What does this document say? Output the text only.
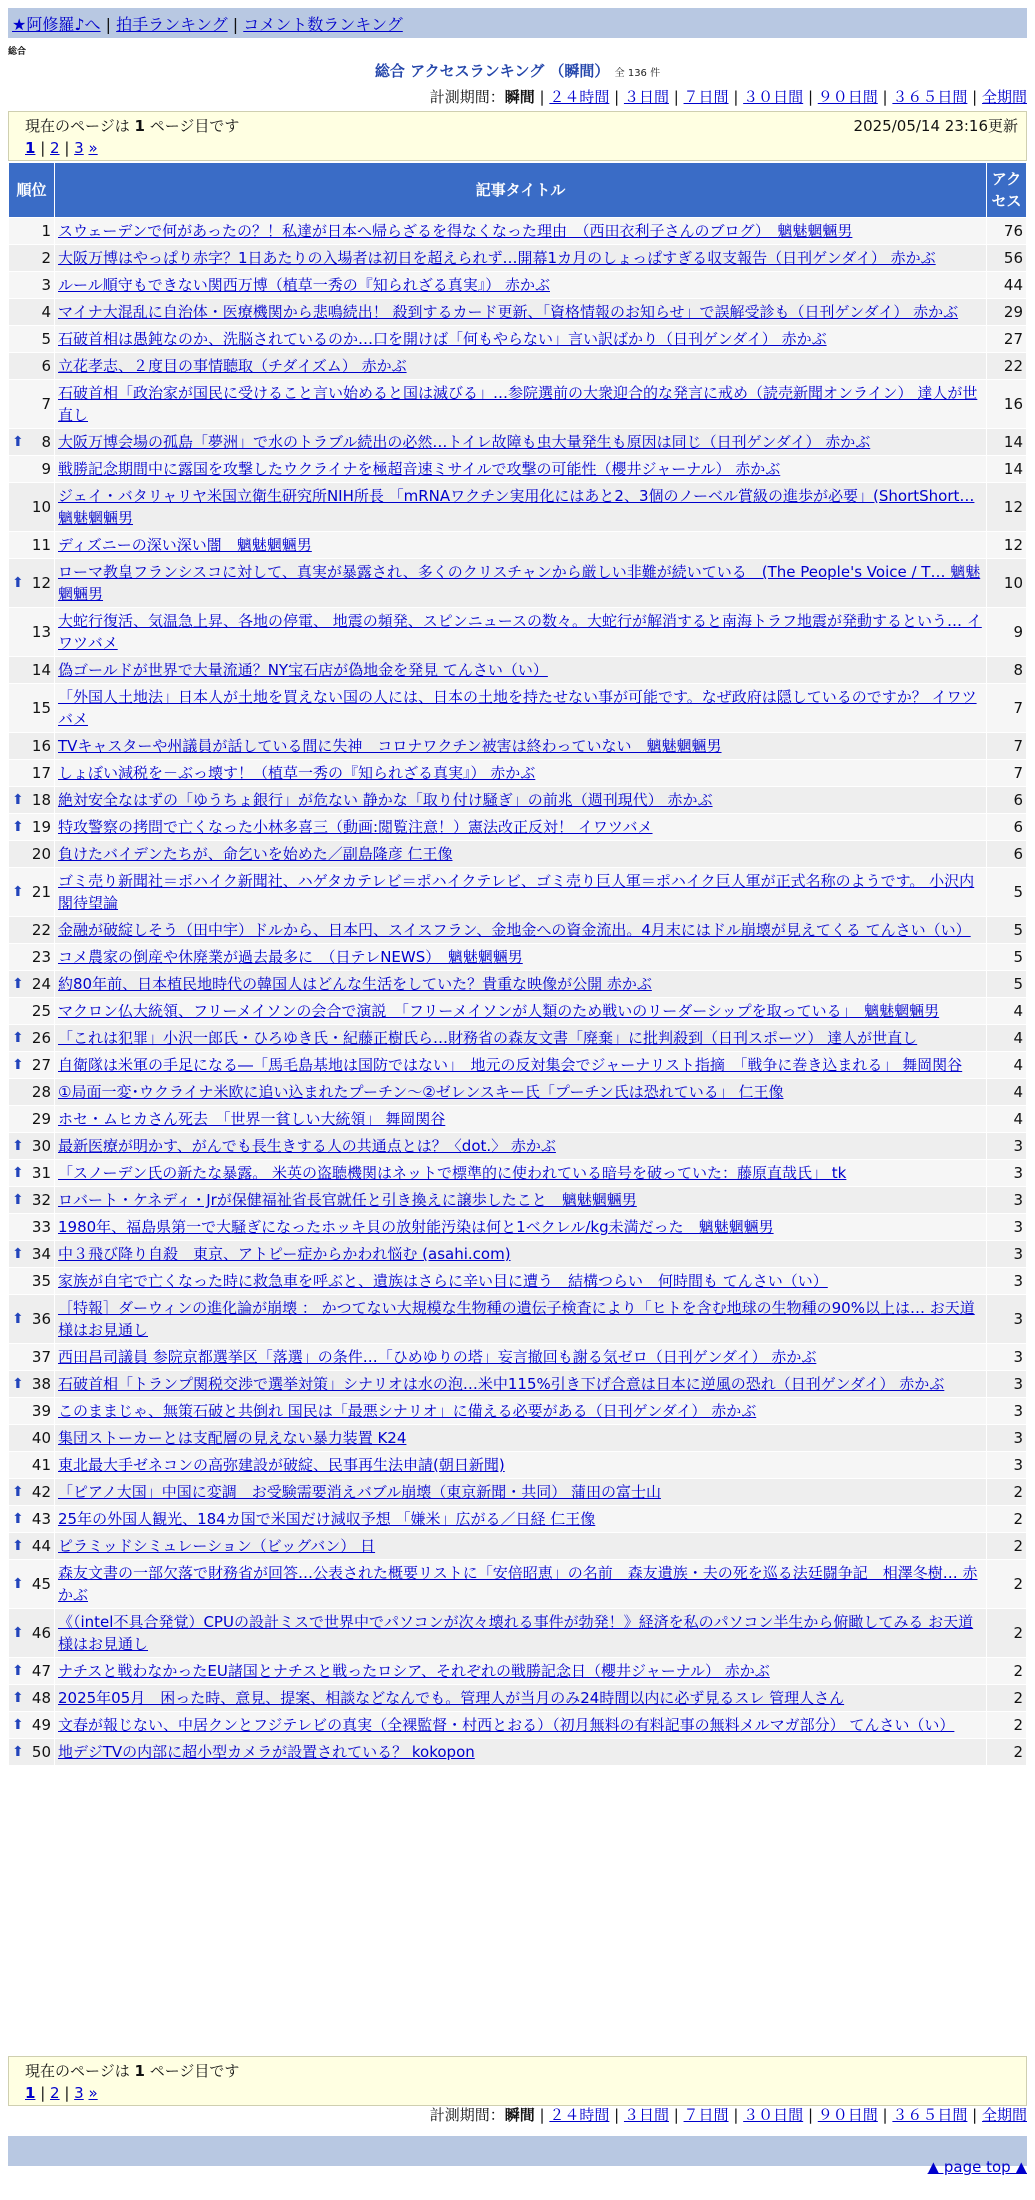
★阿修羅♪へ | 拍手ランキング | コメント数ランキング
総合
総合 アクセスランキング （瞬間） 全 136 件
計測期間：瞬間 | ２４時間 | ３日間 | ７日間 | ３０日間 | ９０日間 | ３６５日間 | 全期間
現在のページは 1 ページ目です	2025/05/14 23:16更新
1 | 2 | 3 »
順位	記事タイトル	アクセス
1	スウェーデンで何があったの？！私達が日本へ帰らざるを得なくなった理由　（西田衣利子さんのブログ）　魑魅魍魎男	76
2	大阪万博はやっぱり赤字？1日あたりの入場者は初日を超えられず…開幕1カ月のしょっぱすぎる収支報告（日刊ゲンダイ） 赤かぶ	56
3	ルール順守もできない関西万博（植草一秀の『知られざる真実』） 赤かぶ	44
4	マイナ大混乱に自治体・医療機関から悲鳴続出！ 殺到するカード更新、「資格情報のお知らせ」で誤解受診も（日刊ゲンダイ） 赤かぶ	29
5	石破首相は愚鈍なのか、洗脳されているのか…口を開けば「何もやらない」言い訳ばかり（日刊ゲンダイ） 赤かぶ	27
6	立花孝志、２度目の事情聴取（チダイズム） 赤かぶ	22
7	石破首相「政治家が国民に受けること言い始めると国は滅びる」…参院選前の大衆迎合的な発言に戒め（読売新聞オンライン） 達人が世直し	16

⬆ 8	大阪万博会場の孤島「夢洲」で水のトラブル続出の必然…トイレ故障も虫大量発生も原因は同じ（日刊ゲンダイ） 赤かぶ	14
9	戦勝記念期間中に露国を攻撃したウクライナを極超音速ミサイルで攻撃の可能性（櫻井ジャーナル） 赤かぶ	14
10	ジェイ・バタリャリヤ米国立衛生研究所NIH所長 「mRNAワクチン実用化にはあと2、3個のノーベル賞級の進歩が必要」(ShortShort… 魑魅魍魎男	12
11	ディズニーの深い深い闇　魑魅魍魎男	12

⬆ 12	ローマ教皇フランシスコに対して、真実が暴露され、多くのクリスチャンから厳しい非難が続いている　(The People's Voice / T… 魑魅魍魎男	10
13	大蛇行復活、気温急上昇、各地の停電、 地震の頻発、スピンニュースの数々。大蛇行が解消すると南海トラフ地震が発動するという… イワツバメ	9
14	偽ゴールドが世界で大量流通？NY宝石店が偽地金を発見 てんさい（い）	8
15	「外国人土地法」日本人が土地を買えない国の人には、日本の土地を持たせない事が可能です。なぜ政府は隠しているのですか？ イワツバメ	7
16	TVキャスターや州議員が話している間に失神　コロナワクチン被害は終わっていない　魑魅魍魎男	7
17	しょぼい減税を－ぶっ壊す！（植草一秀の『知られざる真実』） 赤かぶ	7

⬆ 18	絶対安全なはずの「ゆうちょ銀行」が危ない 静かな「取り付け騒ぎ」の前兆（週刊現代） 赤かぶ	6

⬆ 19	特攻警察の拷問で亡くなった小林多喜三（動画:閲覧注意！）憲法改正反対！ イワツバメ	6
20	負けたバイデンたちが、命乞いを始めた／副島隆彦 仁王像	6

⬆ 21	ゴミ売り新聞社＝ポハイク新聞社、ハゲタカテレビ＝ポハイクテレビ、ゴミ売り巨人軍＝ポハイク巨人軍が正式名称のようです。 小沢内閣待望論	5
22	金融が破綻しそう（田中宇）ドルから、日本円、スイスフラン、金地金への資金流出。4月末にはドル崩壊が見えてくる てんさい（い）	5
23	コメ農家の倒産や休廃業が過去最多に　（日テレNEWS）　魑魅魍魎男	5

⬆ 24	約80年前、日本植民地時代の韓国人はどんな生活をしていた？貴重な映像が公開 赤かぶ	5
25	マクロン仏大統領、フリーメイソンの会合で演説　「フリーメイソンが人類のため戦いのリーダーシップを取っている」　魑魅魍魎男	4

⬆ 26	「これは犯罪」小沢一郎氏・ひろゆき氏・紀藤正樹氏ら…財務省の森友文書「廃棄」に批判殺到（日刊スポーツ） 達人が世直し	4

⬆ 27	自衛隊は米軍の手足になる―「馬毛島基地は国防ではない」　地元の反対集会でジャーナリスト指摘　「戦争に巻き込まれる」 舞岡関谷	4
28	①局面一変･ウクライナ米欧に追い込まれたプーチン～②ゼレンスキー氏「プーチン氏は恐れている」 仁王像	4
29	ホセ・ムヒカさん死去　「世界一貧しい大統領」 舞岡関谷	4

⬆ 30	最新医療が明かす、がんでも長生きする人の共通点とは？〈dot.〉 赤かぶ	3

⬆ 31	「スノーデン氏の新たな暴露。 米英の盗聴機関はネットで標準的に使われている暗号を破っていた：藤原直哉氏」 tk	3

⬆ 32	ロバート・ケネディ・Jrが保健福祉省長官就任と引き換えに譲歩したこと　魑魅魍魎男	3
33	1980年、福島県第一で大騒ぎになったホッキ貝の放射能汚染は何と1ベクレル/kg未満だった　魑魅魍魎男	3

⬆ 34	中３飛び降り自殺　東京、アトピー症からかわれ悩む (asahi.com)	3
35	家族が自宅で亡くなった時に救急車を呼ぶと、遺族はさらに辛い目に遭う　結構つらい　何時間も てんさい（い）	3

⬆ 36	［特報］ダーウィンの進化論が崩壊 ： かつてない大規模な生物種の遺伝子検査により「ヒトを含む地球の生物種の90%以上は… お天道様はお見通し	3
37	西田昌司議員 参院京都選挙区「落選」の条件…「ひめゆりの塔」妄言撤回も謝る気ゼロ（日刊ゲンダイ） 赤かぶ	3

⬆ 38	石破首相「トランプ関税交渉で選挙対策」シナリオは水の泡…米中115%引き下げ合意は日本に逆風の恐れ（日刊ゲンダイ） 赤かぶ	3
39	このままじゃ、無策石破と共倒れ 国民は「最悪シナリオ」に備える必要がある（日刊ゲンダイ） 赤かぶ	3
40	集団ストーカーとは支配層の見えない暴力装置 K24	3
41	東北最大手ゼネコンの高弥建設が破綻、民事再生法申請(朝日新聞)	3

⬆ 42	「ピアノ大国」中国に変調　お受験需要消えバブル崩壊（東京新聞・共同） 蒲田の富士山	2

⬆ 43	25年の外国人観光、184カ国で米国だけ減収予想 「嫌米」広がる／日経 仁王像	2

⬆ 44	ピラミッドシミュレーション（ビッグバン） 日	2

⬆ 45	森友文書の一部欠落で財務省が回答…公表された概要リストに「安倍昭恵」の名前　森友遺族・夫の死を巡る法廷闘争記　相澤冬樹… 赤かぶ	2

⬆ 46	《（intel不具合発覚）CPUの設計ミスで世界中でパソコンが次々壊れる事件が勃発！》経済を私のパソコン半生から俯瞰してみる お天道様はお見通し	2

⬆ 47	ナチスと戦わなかったEU諸国とナチスと戦ったロシア、それぞれの戦勝記念日（櫻井ジャーナル） 赤かぶ	2

⬆ 48	2025年05月　困った時、意見、提案、相談などなんでも。管理人が当月のみ24時間以内に必ず見るスレ 管理人さん	2

⬆ 49	文春が報じない、中居クンとフジテレビの真実（全裸監督・村西とおる）（初月無料の有料記事の無料メルマガ部分） てんさい（い）	2

⬆ 50	地デジTVの内部に超小型カメラが設置されている？ kokopon	2
現在のページは 1 ページ目です
1 | 2 | 3 »
計測期間：瞬間 | ２４時間 | ３日間 | ７日間 | ３０日間 | ９０日間 | ３６５日間 | 全期間
▲ page top ▲
